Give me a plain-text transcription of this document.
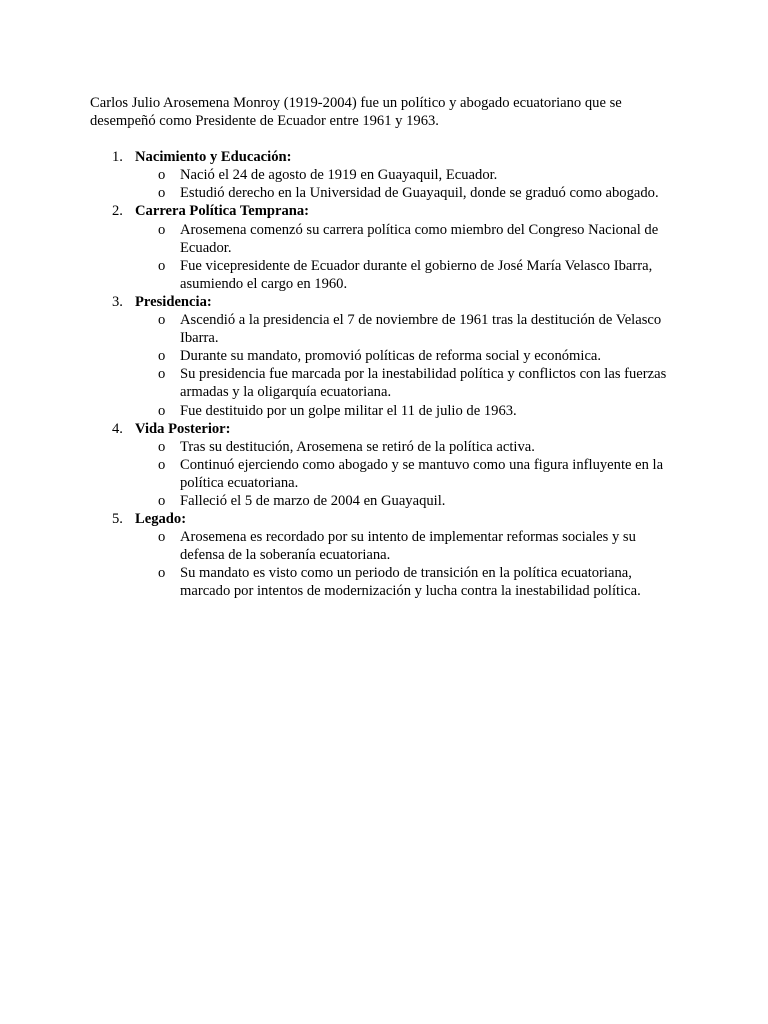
Carlos Julio Arosemena Monroy (1919-2004) fue un político y abogado ecuatoriano que se desempeñó como Presidente de Ecuador entre 1961 y 1963.

1. Nacimiento y Educación:
o Nació el 24 de agosto de 1919 en Guayaquil, Ecuador.
o Estudió derecho en la Universidad de Guayaquil, donde se graduó como abogado.
2. Carrera Política Temprana:
o Arosemena comenzó su carrera política como miembro del Congreso Nacional de Ecuador.
o Fue vicepresidente de Ecuador durante el gobierno de José María Velasco Ibarra, asumiendo el cargo en 1960.
3. Presidencia:
o Ascendió a la presidencia el 7 de noviembre de 1961 tras la destitución de Velasco Ibarra.
o Durante su mandato, promovió políticas de reforma social y económica.
o Su presidencia fue marcada por la inestabilidad política y conflictos con las fuerzas armadas y la oligarquía ecuatoriana.
o Fue destituido por un golpe militar el 11 de julio de 1963.
4. Vida Posterior:
o Tras su destitución, Arosemena se retiró de la política activa.
o Continuó ejerciendo como abogado y se mantuvo como una figura influyente en la política ecuatoriana.
o Falleció el 5 de marzo de 2004 en Guayaquil.
5. Legado:
o Arosemena es recordado por su intento de implementar reformas sociales y su defensa de la soberanía ecuatoriana.
o Su mandato es visto como un periodo de transición en la política ecuatoriana, marcado por intentos de modernización y lucha contra la inestabilidad política.
